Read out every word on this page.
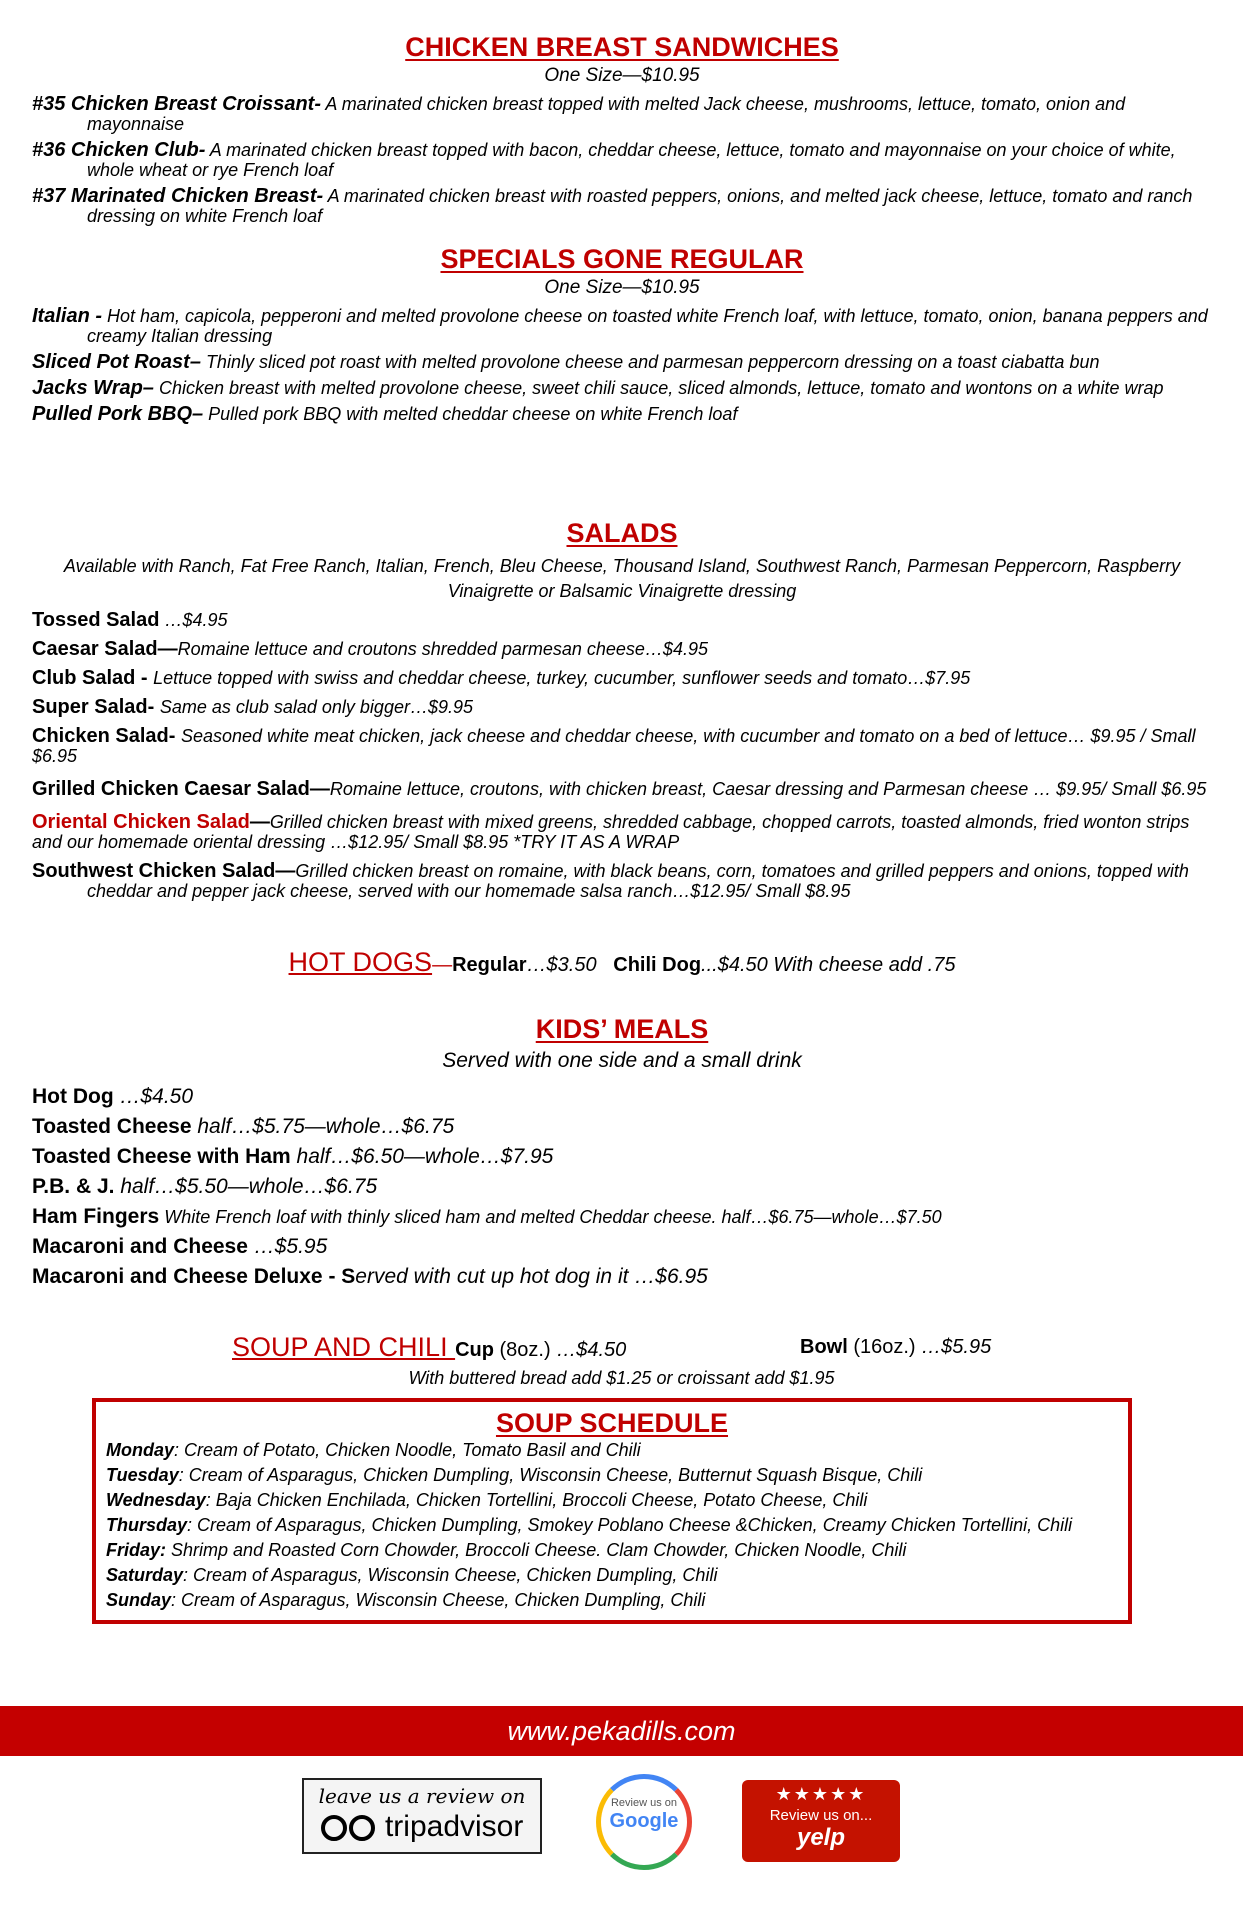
CHICKEN BREAST SANDWICHES

One Size—$10.95

#35 Chicken Breast Croissant- A marinated chicken breast topped with melted Jack cheese, mushrooms, lettuce, tomato, onion and mayonnaise

#36 Chicken Club- A marinated chicken breast topped with bacon, cheddar cheese, lettuce, tomato and mayonnaise on your choice of white, whole wheat or rye French loaf

#37 Marinated Chicken Breast- A marinated chicken breast with roasted peppers, onions, and melted jack cheese, lettuce, tomato and ranch dressing on white French loaf

SPECIALS GONE REGULAR

One Size—$10.95

Italian - Hot ham, capicola, pepperoni and melted provolone cheese on toasted white French loaf, with lettuce, tomato, onion, banana peppers and creamy Italian dressing

Sliced Pot Roast– Thinly sliced pot roast with melted provolone cheese and parmesan peppercorn dressing on a toast ciabatta bun

Jacks Wrap– Chicken breast with melted provolone cheese, sweet chili sauce, sliced almonds, lettuce, tomato and wontons on a white wrap

Pulled Pork BBQ– Pulled pork BBQ with melted cheddar cheese on white French loaf

SALADS

Available with Ranch, Fat Free Ranch, Italian, French, Bleu Cheese, Thousand Island, Southwest Ranch, Parmesan Peppercorn, Raspberry Vinaigrette or Balsamic Vinaigrette dressing

Tossed Salad …$4.95

Caesar Salad—Romaine lettuce and croutons shredded parmesan cheese…$4.95

Club Salad - Lettuce topped with swiss and cheddar cheese, turkey, cucumber, sunflower seeds and tomato…$7.95

Super Salad- Same as club salad only bigger…$9.95

Chicken Salad- Seasoned white meat chicken, jack cheese and cheddar cheese, with cucumber and tomato on a bed of lettuce… $9.95 / Small $6.95

Grilled Chicken Caesar Salad—Romaine lettuce, croutons, with chicken breast, Caesar dressing and Parmesan cheese … $9.95/ Small $6.95

Oriental Chicken Salad—Grilled chicken breast with mixed greens, shredded cabbage, chopped carrots, toasted almonds, fried wonton strips and our homemade oriental dressing …$12.95/ Small $8.95 *TRY IT AS A WRAP

Southwest Chicken Salad—Grilled chicken breast on romaine, with black beans, corn, tomatoes and grilled peppers and onions, topped with cheddar and pepper jack cheese, served with our homemade salsa ranch…$12.95/ Small $8.95

HOT DOGS—Regular…$3.50 Chili Dog...$4.50 With cheese add .75
KIDS’ MEALS

Served with one side and a small drink

Hot Dog …$4.50

Toasted Cheese half…$5.75—whole…$6.75

Toasted Cheese with Ham half…$6.50—whole…$7.95

P.B. & J. half…$5.50—whole…$6.75

Ham Fingers White French loaf with thinly sliced ham and melted Cheddar cheese. half…$6.75—whole…$7.50

Macaroni and Cheese …$5.95

Macaroni and Cheese Deluxe - Served with cut up hot dog in it …$6.95

SOUP AND CHILI Cup (8oz.) …$4.50	Bowl (16oz.) …$5.95

With buttered bread add $1.25 or croissant add $1.95

SOUP SCHEDULE

Monday: Cream of Potato, Chicken Noodle, Tomato Basil and Chili

Tuesday: Cream of Asparagus, Chicken Dumpling, Wisconsin Cheese, Butternut Squash Bisque, Chili

Wednesday: Baja Chicken Enchilada, Chicken Tortellini, Broccoli Cheese, Potato Cheese, Chili

Thursday: Cream of Asparagus, Chicken Dumpling, Smokey Poblano Cheese &Chicken, Creamy Chicken Tortellini, Chili

Friday: Shrimp and Roasted Corn Chowder, Broccoli Cheese. Clam Chowder, Chicken Noodle, Chili

Saturday: Cream of Asparagus, Wisconsin Cheese, Chicken Dumpling, Chili

Sunday: Cream of Asparagus, Wisconsin Cheese, Chicken Dumpling, Chili

www.pekadills.com
leave us a review on
tripadvisor
Review us on
Google
★★★★★
Review us on...
yelp
